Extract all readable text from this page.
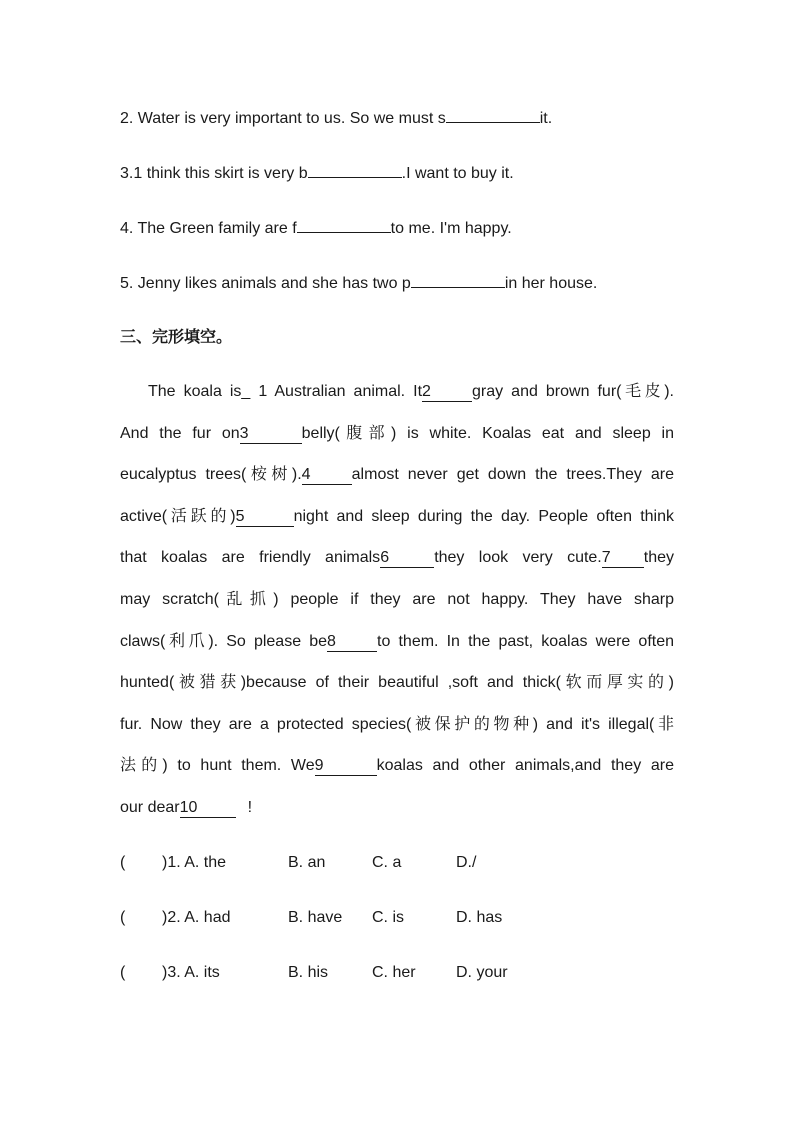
2. Water is very important to us. So we must s	it.
3.1 think this skirt is very b	.I want to buy it.
4. The Green family are f	to me. I'm happy.
5. Jenny likes animals and she has two p	in her house.
三、完形填空。
The koala is_ 1 Australian animal. It2	gray and brown fur(毛皮).
And the fur on3	belly(腹部) is white. Koalas eat and sleep in
eucalyptus trees(桉树).4	almost never get down the trees.They are
active(活跃的)5	night and sleep during the day. People often think
that koalas are friendly animals6	they look very cute.7 they
may scratch(乱抓) people if they are not happy. They have sharp
claws(利爪). So please be8	to them. In the past, koalas were often
hunted(被猎获)because of their beautiful ,soft and thick(软而厚实的)
fur. Now they are a protected species(被保护的物种) and it's illegal(非
法的) to hunt them. We9	koalas and other animals,and they are
our dear10	!
( )1. A. the	B. an	C. a	D./
( )2. A. had	B. have C. is	D. has
( )3. A. its	B. his	C. her	D. your
